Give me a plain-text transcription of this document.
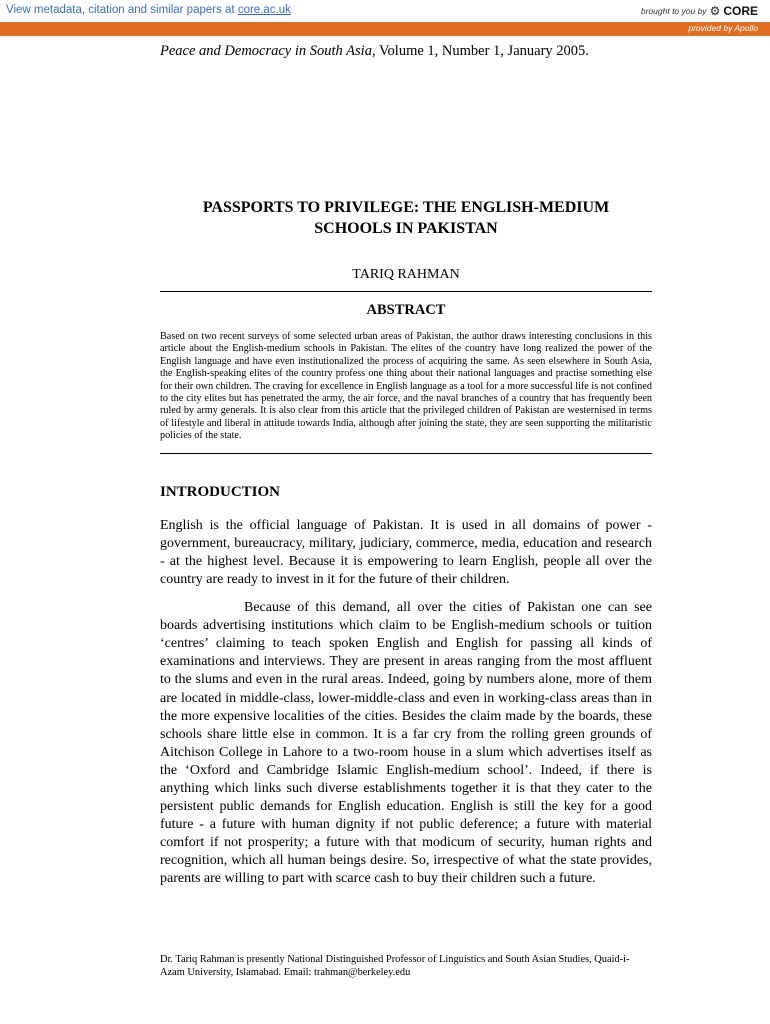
View metadata, citation and similar papers at core.ac.uk	brought to you by ⚙ CORE
provided by Apollo
Peace and Democracy in South Asia, Volume 1, Number 1, January 2005.
PASSPORTS TO PRIVILEGE: THE ENGLISH-MEDIUM
SCHOOLS IN PAKISTAN
TARIQ RAHMAN
ABSTRACT
Based on two recent surveys of some selected urban areas of Pakistan, the author draws interesting conclusions in this article about the English-medium schools in Pakistan. The elites of the country have long realized the power of the English language and have even institutionalized the process of acquiring the same. As seen elsewhere in South Asia, the English-speaking elites of the country profess one thing about their national languages and practise something else for their own children. The craving for excellence in English language as a tool for a more successful life is not confined to the city elites but has penetrated the army, the air force, and the naval branches of a country that has frequently been ruled by army generals. It is also clear from this article that the privileged children of Pakistan are westernised in terms of lifestyle and liberal in attitude towards India, although after joining the state, they are seen supporting the militaristic policies of the state.
INTRODUCTION
English is the official language of Pakistan. It is used in all domains of power - government, bureaucracy, military, judiciary, commerce, media, education and research - at the highest level. Because it is empowering to learn English, people all over the country are ready to invest in it for the future of their children.
Because of this demand, all over the cities of Pakistan one can see boards advertising institutions which claim to be English-medium schools or tuition ‘centres’ claiming to teach spoken English and English for passing all kinds of examinations and interviews. They are present in areas ranging from the most affluent to the slums and even in the rural areas. Indeed, going by numbers alone, more of them are located in middle-class, lower-middle-class and even in working-class areas than in the more expensive localities of the cities. Besides the claim made by the boards, these schools share little else in common. It is a far cry from the rolling green grounds of Aitchison College in Lahore to a two-room house in a slum which advertises itself as the ‘Oxford and Cambridge Islamic English-medium school’. Indeed, if there is anything which links such diverse establishments together it is that they cater to the persistent public demands for English education. English is still the key for a good future - a future with human dignity if not public deference; a future with material comfort if not prosperity; a future with that modicum of security, human rights and recognition, which all human beings desire. So, irrespective of what the state provides, parents are willing to part with scarce cash to buy their children such a future.
Dr. Tariq Rahman is presently National Distinguished Professor of Linguistics and South Asian Studies, Quaid-i-Azam University, Islamabad. Email: trahman@berkeley.edu
